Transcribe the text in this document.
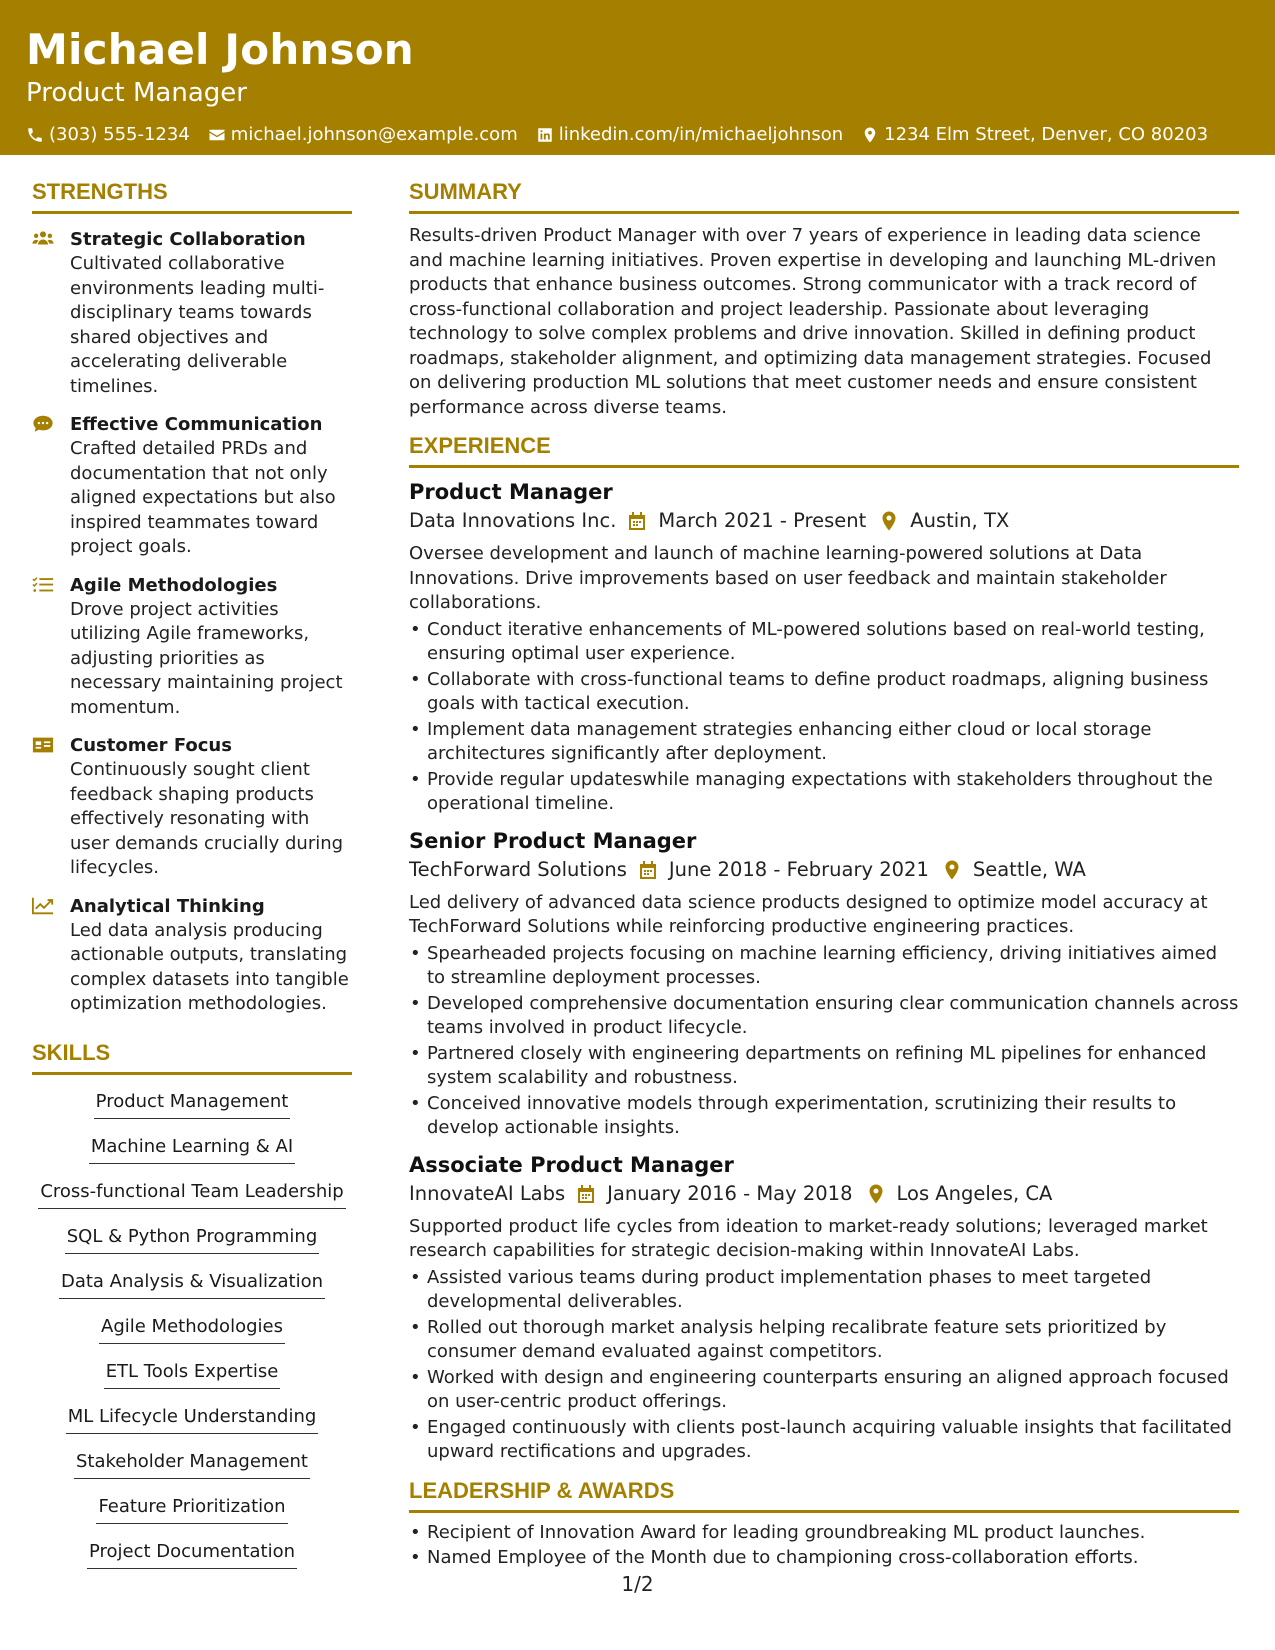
Michael Johnson
Product Manager
(303) 555-1234 michael.johnson@example.com linkedin.com/in/michaeljohnson 1234 Elm Street, Denver, CO 80203
STRENGTHS
Strategic Collaboration
Cultivated collaborative environments leading multi-disciplinary teams towards shared objectives and accelerating deliverable timelines.
Effective Communication
Crafted detailed PRDs and documentation that not only aligned expectations but also inspired teammates toward project goals.
Agile Methodologies
Drove project activities utilizing Agile frameworks, adjusting priorities as necessary maintaining project momentum.
Customer Focus
Continuously sought client feedback shaping products effectively resonating with user demands crucially during lifecycles.
Analytical Thinking
Led data analysis producing actionable outputs, translating complex datasets into tangible optimization methodologies.
SKILLS
Product Management
Machine Learning & AI
Cross-functional Team Leadership
SQL & Python Programming
Data Analysis & Visualization
Agile Methodologies
ETL Tools Expertise
ML Lifecycle Understanding
Stakeholder Management
Feature Prioritization
Project Documentation
SUMMARY
Results-driven Product Manager with over 7 years of experience in leading data science and machine learning initiatives. Proven expertise in developing and launching ML-driven products that enhance business outcomes. Strong communicator with a track record of cross-functional collaboration and project leadership. Passionate about leveraging technology to solve complex problems and drive innovation. Skilled in defining product roadmaps, stakeholder alignment, and optimizing data management strategies. Focused on delivering production ML solutions that meet customer needs and ensure consistent performance across diverse teams.
EXPERIENCE
Product Manager
Data Innovations Inc. March 2021 - Present Austin, TX
Oversee development and launch of machine learning-powered solutions at Data Innovations. Drive improvements based on user feedback and maintain stakeholder collaborations.
• Conduct iterative enhancements of ML-powered solutions based on real-world testing, ensuring optimal user experience.
• Collaborate with cross-functional teams to define product roadmaps, aligning business goals with tactical execution.
• Implement data management strategies enhancing either cloud or local storage architectures significantly after deployment.
• Provide regular updateswhile managing expectations with stakeholders throughout the operational timeline.
Senior Product Manager
TechForward Solutions June 2018 - February 2021 Seattle, WA
Led delivery of advanced data science products designed to optimize model accuracy at TechForward Solutions while reinforcing productive engineering practices.
• Spearheaded projects focusing on machine learning efficiency, driving initiatives aimed to streamline deployment processes.
• Developed comprehensive documentation ensuring clear communication channels across teams involved in product lifecycle.
• Partnered closely with engineering departments on refining ML pipelines for enhanced system scalability and robustness.
• Conceived innovative models through experimentation, scrutinizing their results to develop actionable insights.
Associate Product Manager
InnovateAI Labs January 2016 - May 2018 Los Angeles, CA
Supported product life cycles from ideation to market-ready solutions; leveraged market research capabilities for strategic decision-making within InnovateAI Labs.
• Assisted various teams during product implementation phases to meet targeted developmental deliverables.
• Rolled out thorough market analysis helping recalibrate feature sets prioritized by consumer demand evaluated against competitors.
• Worked with design and engineering counterparts ensuring an aligned approach focused on user-centric product offerings.
• Engaged continuously with clients post-launch acquiring valuable insights that facilitated upward rectifications and upgrades.
LEADERSHIP & AWARDS
• Recipient of Innovation Award for leading groundbreaking ML product launches.
• Named Employee of the Month due to championing cross-collaboration efforts.
1/2
